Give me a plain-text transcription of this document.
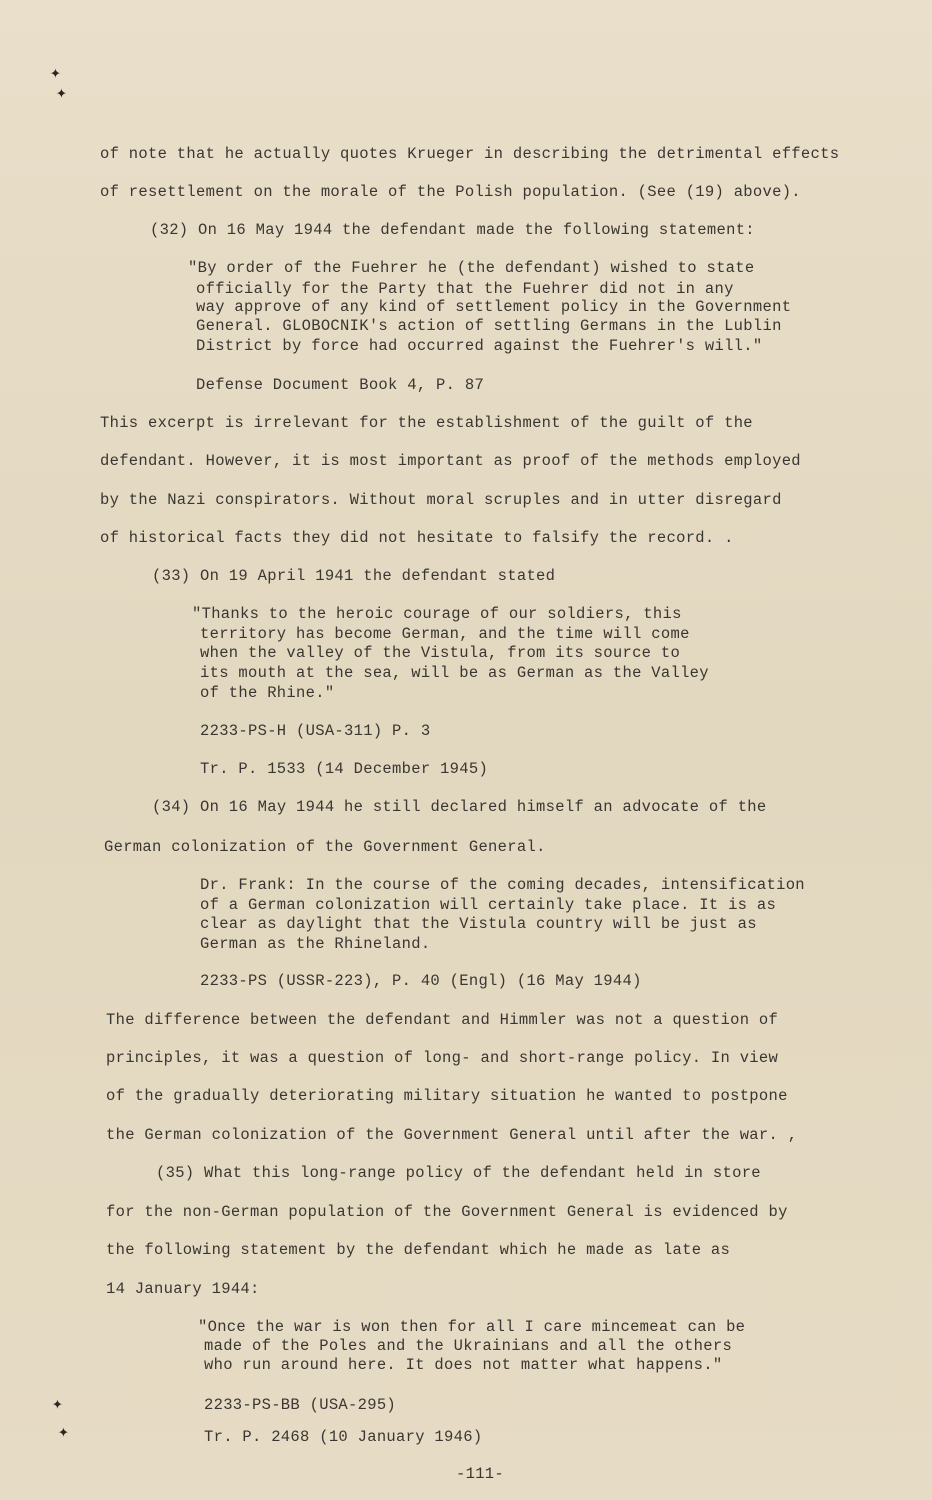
✦
✦
✦
✦
of note that he actually quotes Krueger in describing the detrimental effects
of resettlement on the morale of the Polish population. (See (19) above).
(32) On 16 May 1944 the defendant made the following statement:
"By order of the Fuehrer he (the defendant) wished to state
officially for the Party that the Fuehrer did not in any
way approve of any kind of settlement policy in the Government
General. GLOBOCNIK's action of settling Germans in the Lublin
District by force had occurred against the Fuehrer's will."
Defense Document Book 4, P. 87
This excerpt is irrelevant for the establishment of the guilt of the
defendant. However, it is most important as proof of the methods employed
by the Nazi conspirators. Without moral scruples and in utter disregard
of historical facts they did not hesitate to falsify the record. .
(33) On 19 April 1941 the defendant stated
"Thanks to the heroic courage of our soldiers, this
territory has become German, and the time will come
when the valley of the Vistula, from its source to
its mouth at the sea, will be as German as the Valley
of the Rhine."
2233-PS-H (USA-311) P. 3
Tr. P. 1533 (14 December 1945)
(34) On 16 May 1944 he still declared himself an advocate of the
German colonization of the Government General.
Dr. Frank: In the course of the coming decades, intensification
of a German colonization will certainly take place. It is as
clear as daylight that the Vistula country will be just as
German as the Rhineland.
2233-PS (USSR-223), P. 40 (Engl) (16 May 1944)
The difference between the defendant and Himmler was not a question of
principles, it was a question of long- and short-range policy. In view
of the gradually deteriorating military situation he wanted to postpone
the German colonization of the Government General until after the war. ,
(35) What this long-range policy of the defendant held in store
for the non-German population of the Government General is evidenced by
the following statement by the defendant which he made as late as
14 January 1944:
"Once the war is won then for all I care mincemeat can be
made of the Poles and the Ukrainians and all the others
who run around here. It does not matter what happens."
2233-PS-BB (USA-295)
Tr. P. 2468 (10 January 1946)
-111-
